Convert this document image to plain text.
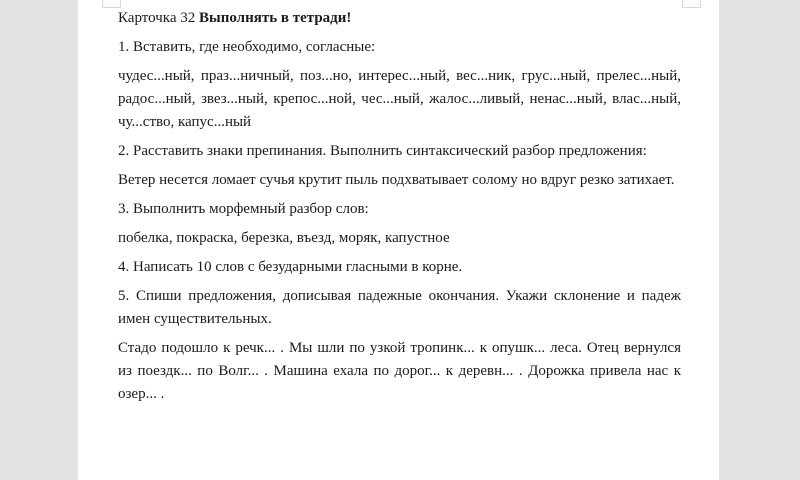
Карточка 32 Выполнять в тетради!

1. Вставить, где необходимо, согласные:

чудес...ный, праз...ничный, поз...но, интерес...ный, вес...ник, грус...ный, прелес...ный, радос...ный, звез...ный, крепос...ной, чес...ный, жалос...ливый, ненас...ный, влас...ный, чу...ство, капус...ный

2. Расставить знаки препинания. Выполнить синтаксический разбор предложения:

Ветер несется ломает сучья крутит пыль подхватывает солому но вдруг резко затихает.

3. Выполнить морфемный разбор слов:

побелка, покраска, березка, въезд, моряк, капустное

4. Написать 10 слов с безударными гласными в корне.

5. Спиши предложения, дописывая падежные окончания. Укажи склонение и падеж имен существительных.

Стадо подошло к речк... . Мы шли по узкой тропинк... к опушк... леса. Отец вернулся из поездк... по Волг... . Машина ехала по дорог... к деревн... . Дорожка привела нас к озер... .
